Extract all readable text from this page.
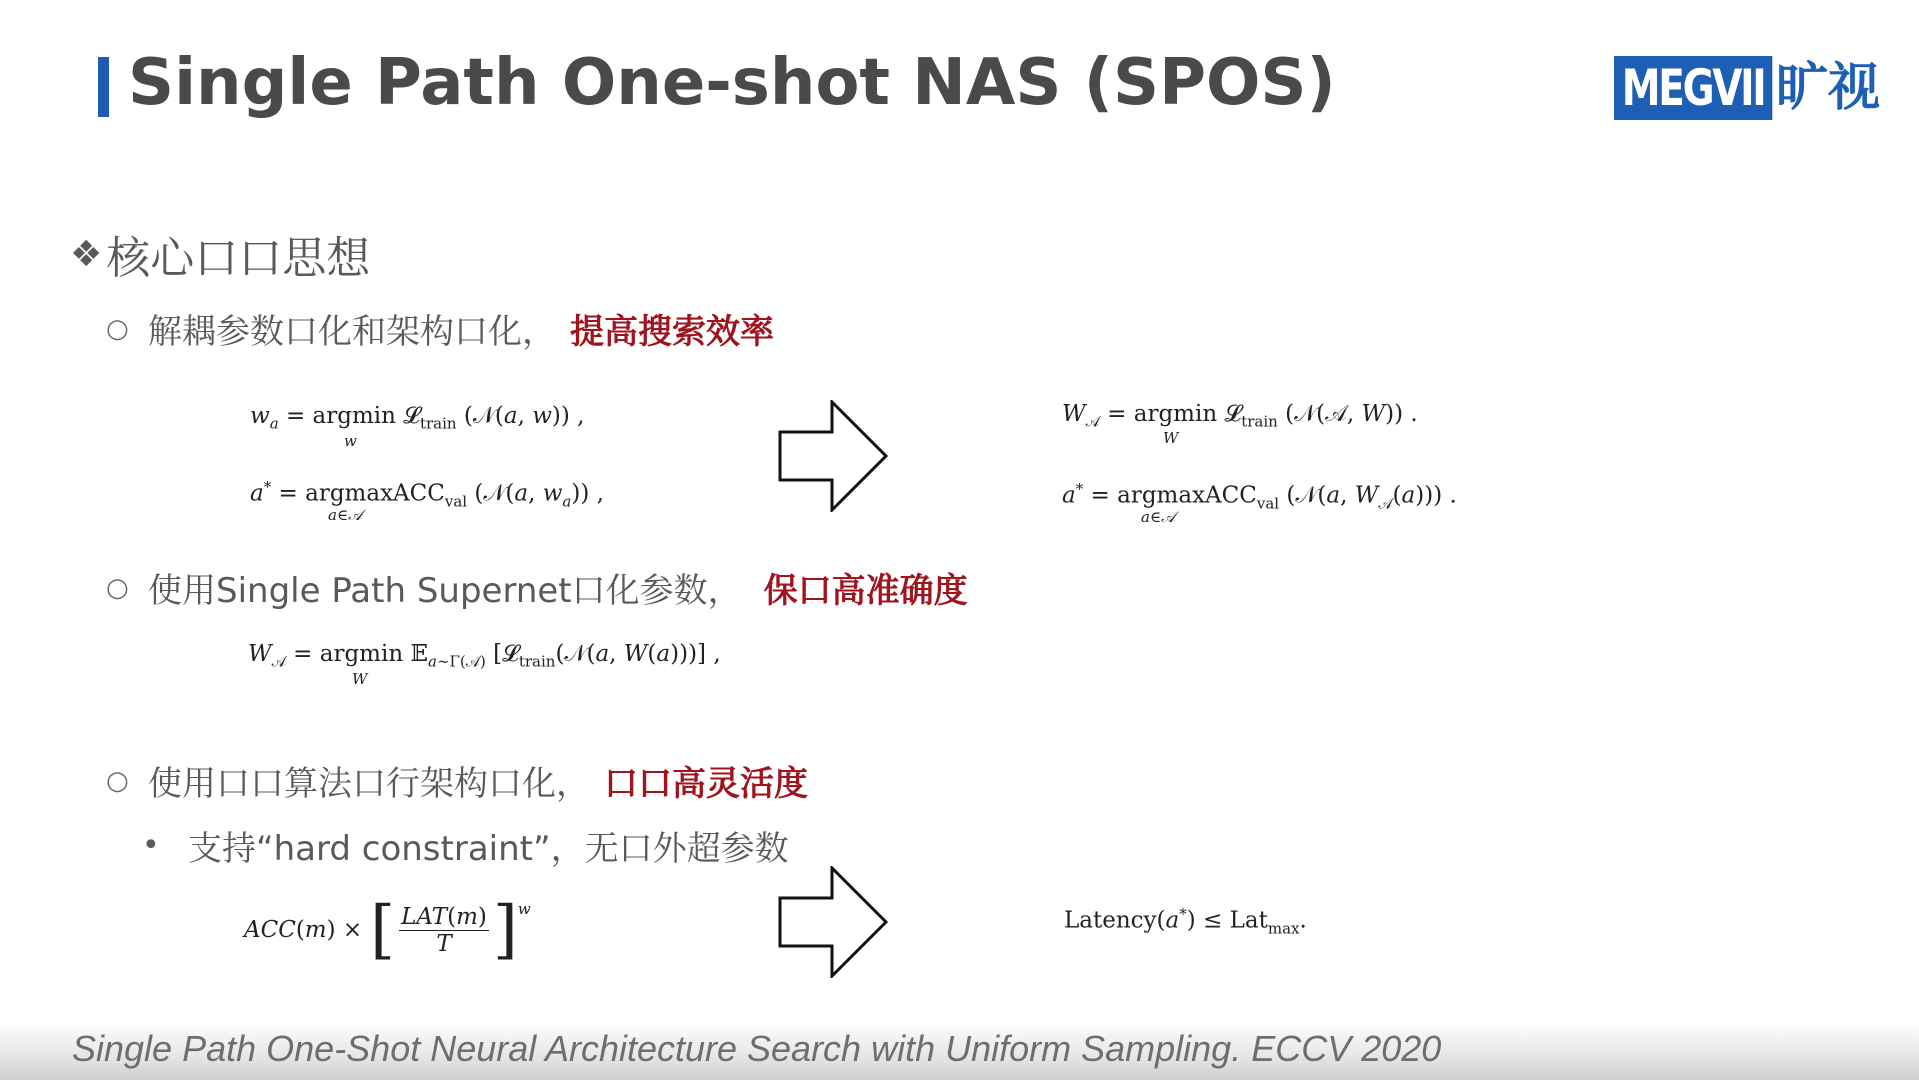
Single Path One-shot NAS (SPOS)	MEGVII 旷视
❖ 核心口口思想
○ 解耦参数口化和架构口化， 提高搜索效率
$w_a = argmin$ 𝓛$_{train}$ (𝒩(a, w)) ,
w
a* = argmaxACC$_{val}$ (𝒩(a, $w_a$)) ,
a∈𝒜
$W_𝒜 = argmin$ 𝓛$_{train}$ (𝒩(𝒜, W)) .
W
a* = argmaxACC$_{val}$ (𝒩(a, $W_𝒜(a)$)) .
a∈𝒜
○ 使用Single Path Supernet口化参数， 保口高准确度
$W_𝒜 = argmin$ 𝔼$_{a\sim\Gamma(𝒜)}$ [𝓛$_{train}$(𝒩(a, W(a)))] ,
W
○ 使用口口算法口行架构口化， 口口高灵活度
• 支持“hard constraint”，无口外超参数
ACC(m) × [ LAT(m)
T ]$^w$	Latency(a*) ≤ Lat$_{max}$.
Single Path One-Shot Neural Architecture Search with Uniform Sampling. ECCV 2020
